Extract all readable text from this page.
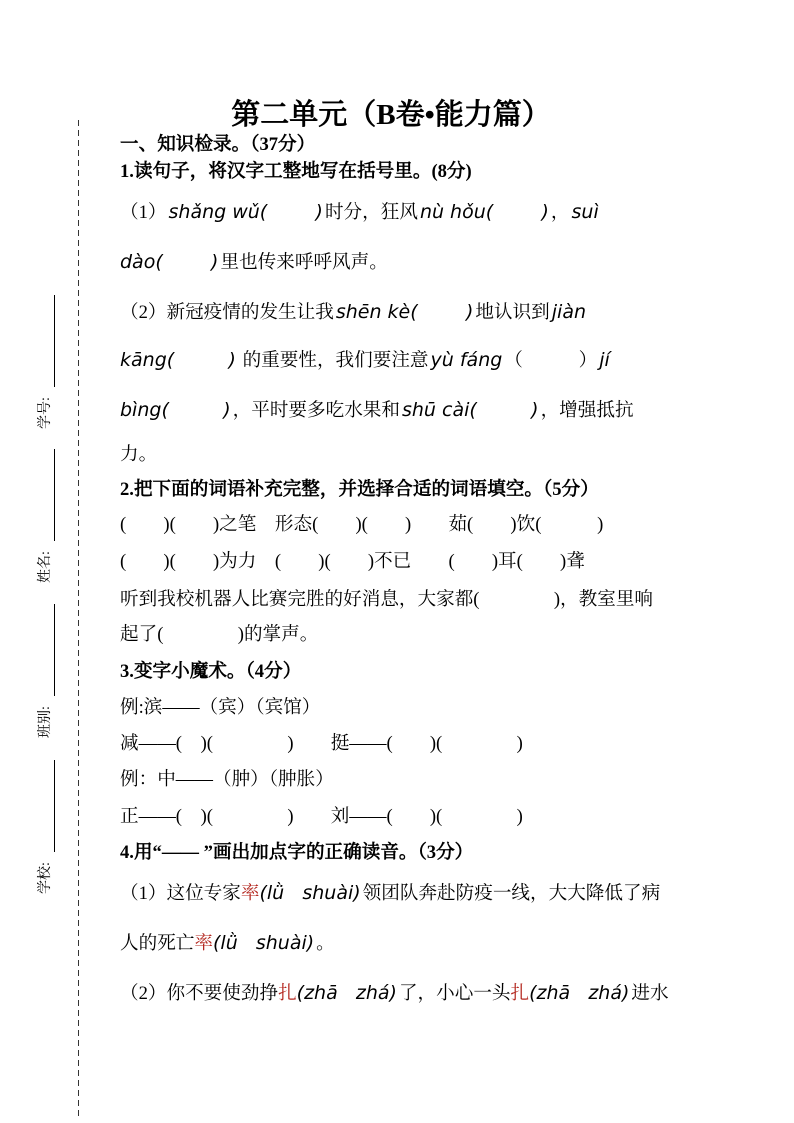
学号:
姓名:
班别:
学校:
第二单元（B卷•能力篇）
一、知识检录。（37分）
1.读句子，将汉字工整地写在括号里。(8分)
（1） shǎng wǔ(        ) 时分，狂风 nù hǒu(        ) ， suì
dào(        ) 里也传来呼呼风声。
（2）新冠疫情的发生让我 shēn kè(        ) 地认识到 jiàn
kāng(         ) 的重要性，我们要注意 yù fáng （　　　） jí
bìng(         ) ，平时要多吃水果和 shū cài(         ) ，增强抵抗
力。
2.把下面的词语补充完整，并选择合适的词语填空。（5分）
(　　)(　　)之笔　形态(　　)(　　)　　茹(　　)饮(　　　)
(　　)(　　)为力　(　　)(　　)不已　　(　　)耳(　　)聋
听到我校机器人比赛完胜的好消息，大家都(　　　　)，教室里响
起了(　　　　)的掌声。
3.变字小魔术。（4分）
例:滨——（宾）（宾馆）
减——(　)(　　　　)　　挺——(　　)(　　　　)
例：中——（肿）（肿胀）
正——(　)(　　　　)　　刘——(　　)(　　　　)
4.用“—— ”画出加点字的正确读音。（3分）
（1）这位专家率(lǜ   shuài) 领团队奔赴防疫一线，大大降低了病
人的死亡率(lǜ   shuài) 。
（2）你不要使劲挣扎(zhā   zhá) 了，小心一头扎(zhā   zhá) 进水
